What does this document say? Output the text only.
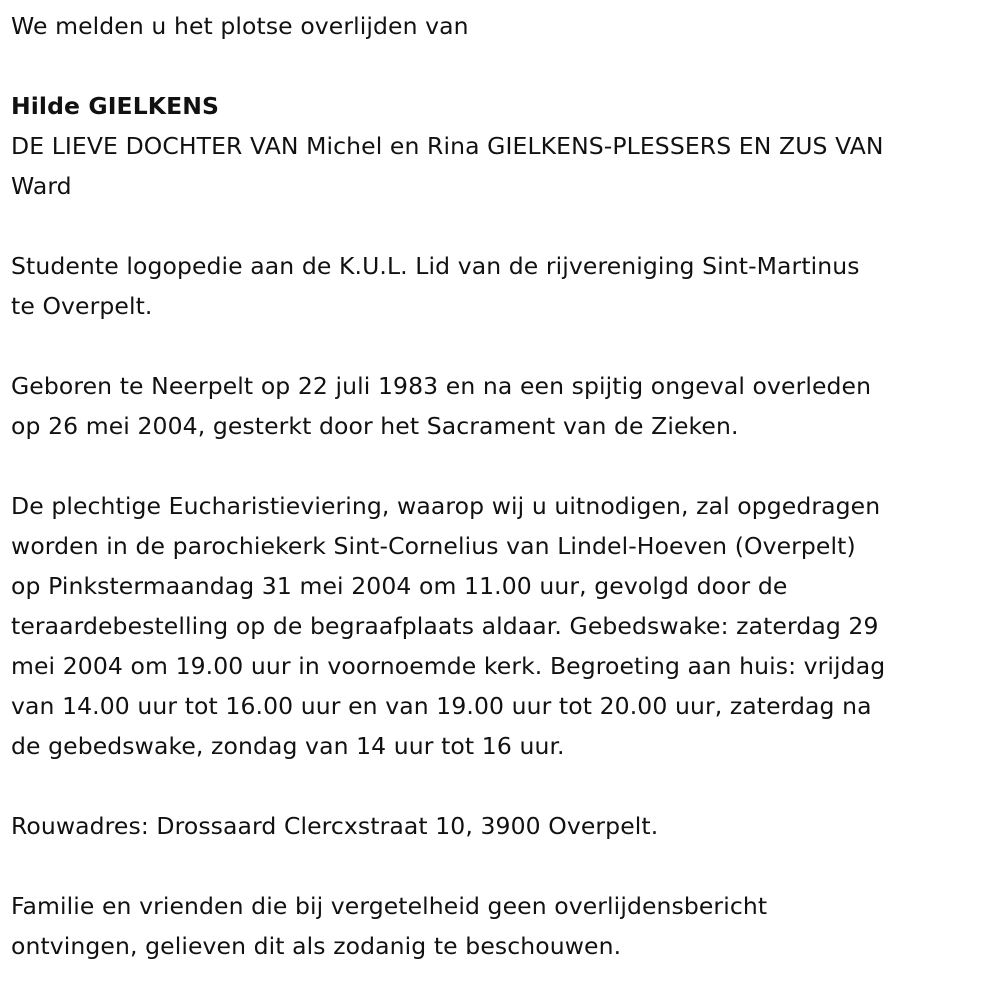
We melden u het plotse overlijden van

Hilde GIELKENS

DE LIEVE DOCHTER VAN Michel en Rina GIELKENS-PLESSERS EN ZUS VAN
Ward

Studente logopedie aan de K.U.L. Lid van de rijvereniging Sint-Martinus
te Overpelt.

Geboren te Neerpelt op 22 juli 1983 en na een spijtig ongeval overleden
op 26 mei 2004, gesterkt door het Sacrament van de Zieken.

De plechtige Eucharistieviering, waarop wij u uitnodigen, zal opgedragen
worden in de parochiekerk Sint-Cornelius van Lindel-Hoeven (Overpelt)
op Pinkstermaandag 31 mei 2004 om 11.00 uur, gevolgd door de
teraardebestelling op de begraafplaats aldaar. Gebedswake: zaterdag 29
mei 2004 om 19.00 uur in voornoemde kerk. Begroeting aan huis: vrijdag
van 14.00 uur tot 16.00 uur en van 19.00 uur tot 20.00 uur, zaterdag na
de gebedswake, zondag van 14 uur tot 16 uur.

Rouwadres: Drossaard Clercxstraat 10, 3900 Overpelt.

Familie en vrienden die bij vergetelheid geen overlijdensbericht
ontvingen, gelieven dit als zodanig te beschouwen.
